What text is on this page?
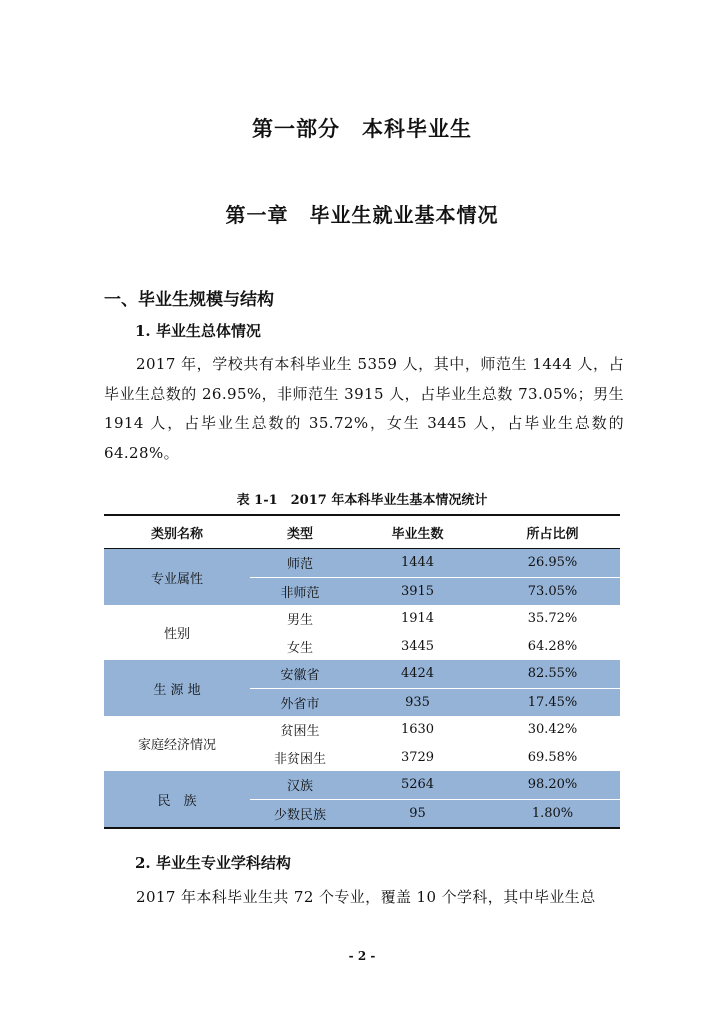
第一部分　本科毕业生
第一章　毕业生就业基本情况
一、毕业生规模与结构
1. 毕业生总体情况
2017 年，学校共有本科毕业生 5359 人，其中，师范生 1444 人，占毕业生总数的 26.95%，非师范生 3915 人，占毕业生总数 73.05%；男生 1914 人，占毕业生总数的 35.72%，女生 3445 人，占毕业生总数的 64.28%。
表 1-1　2017 年本科毕业生基本情况统计
类别名称	类型	毕业生数	所占比例
专业属性	师范	1444	26.95%
	非师范	3915	73.05%
性别	男生	1914	35.72%
	女生	3445	64.28%
生 源 地	安徽省	4424	82.55%
	外省市	935	17.45%
家庭经济情况	贫困生	1630	30.42%
	非贫困生	3729	69.58%
民　族	汉族	5264	98.20%
	少数民族	95	1.80%
2. 毕业生专业学科结构
2017 年本科毕业生共 72 个专业，覆盖 10 个学科，其中毕业生总
- 2 -
